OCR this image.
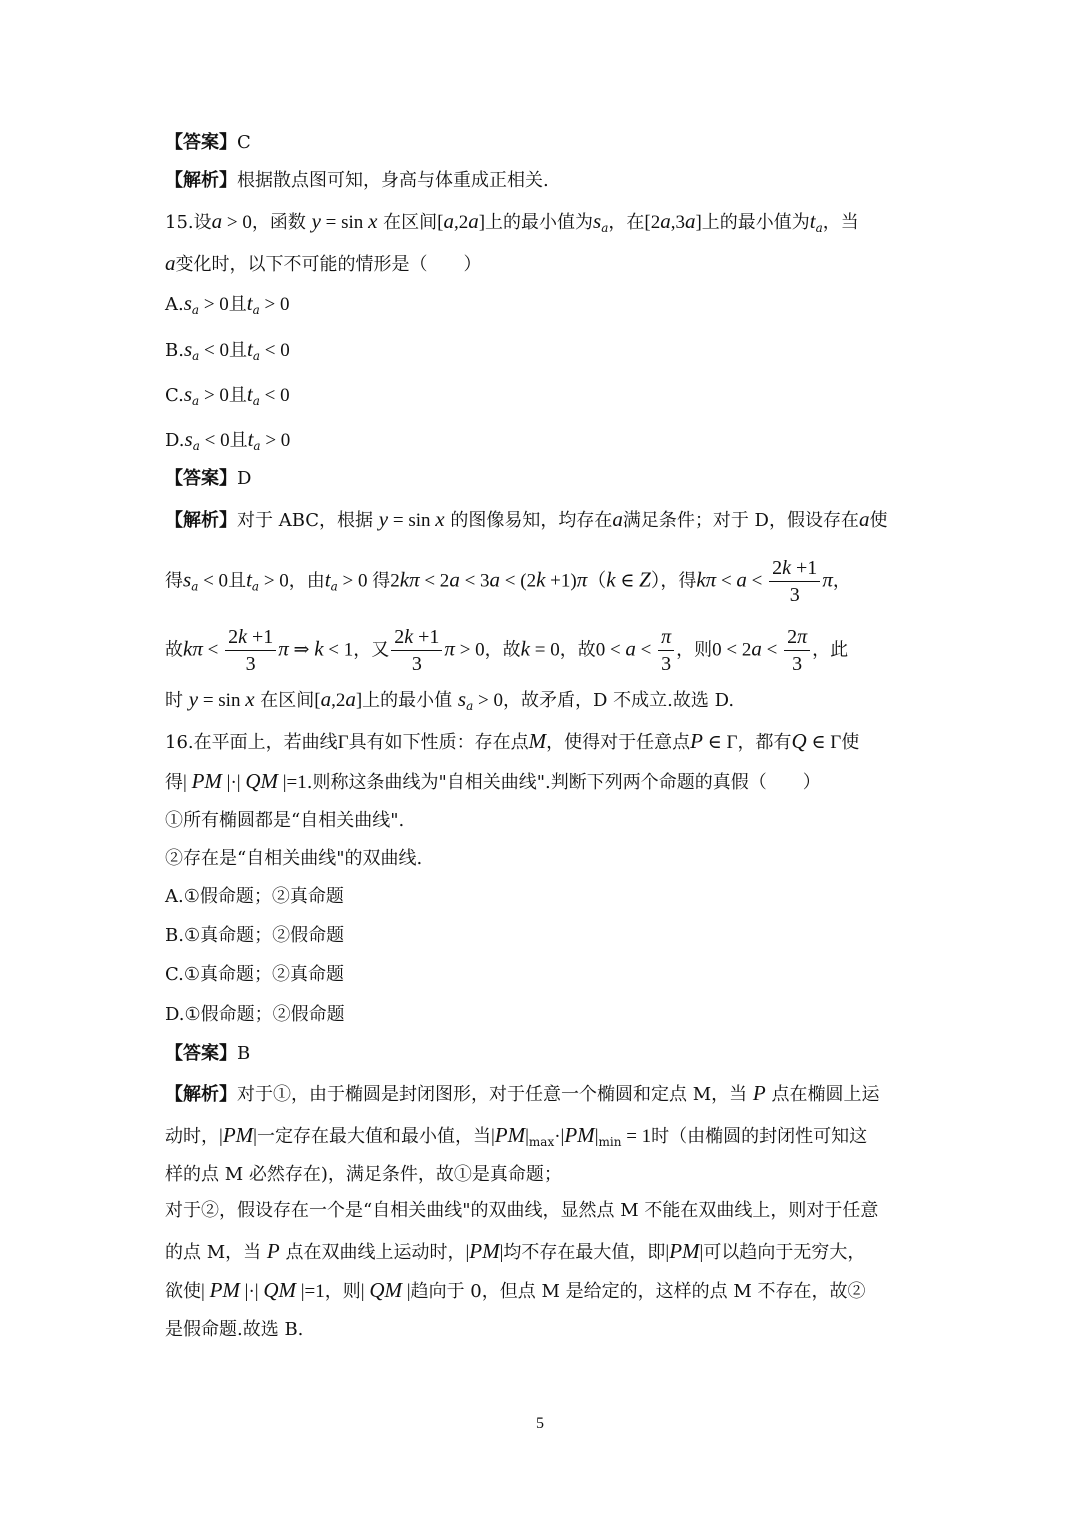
【答案】C
【解析】根据散点图可知，身高与体重成正相关.
15.设a > 0，函数 y = sin x 在区间[a,2a]上的最小值为$s_a$，在[2a,3a]上的最小值为$t_a$，当
a变化时，以下不可能的情形是（　　）
$A.s_a > 0$且$t_a > 0$
$B.s_a < 0$且$t_a < 0$
$C.s_a > 0$且$t_a < 0$
$D.s_a < 0$且$t_a > 0$
【答案】D
【解析】对于 ABC，根据 y = sin x 的图像易知，均存在a满足条件；对于 D，假设存在a使
得$s_a < 0$且$t_a > 0$，由$t_a > 0$ 得2kπ < 2a < 3a < (2k +1)π（k ∈ Z），得$k\pi < a < \frac{2k +1}{3}$ π，
故$k\pi < \frac{2k +1}{3}$ π ⇒ k < 1，又 $\frac{2k +1}{3}$ π > 0，故k = 0，故$0 < a < \frac{\pi}{3}$ ，则$0 < 2a < \frac{2\pi}{3}$ ，此
时 y = sin x 在区间[a,2a]上的最小值 $s_a > 0$，故矛盾，D 不成立.故选 D.
16.在平面上，若曲线Γ具有如下性质：存在点M，使得对于任意点P ∈ Γ，都有Q ∈ Γ使
得| PM |·| QM |=1.则称这条曲线为"自相关曲线".判断下列两个命题的真假（　　）
①所有椭圆都是“自相关曲线".
②存在是“自相关曲线"的双曲线.
A.①假命题；②真命题
B.①真命题；②假命题
C.①真命题；②真命题
D.①假命题；②假命题
【答案】B
【解析】对于①，由于椭圆是封闭图形，对于任意一个椭圆和定点 M，当 P 点在椭圆上运
动时，|PM|一定存在最大值和最小值，当$|PM|_{max}\cdot|PM|_{min} = 1$时（由椭圆的封闭性可知这
样的点 M 必然存在)，满足条件，故①是真命题；
对于②，假设存在一个是“自相关曲线"的双曲线，显然点 M 不能在双曲线上，则对于任意
的点 M，当 P 点在双曲线上运动时，|PM|均不存在最大值，即|PM|可以趋向于无穷大，
欲使| PM |·| QM |=1，则| QM |趋向于 0，但点 M 是给定的，这样的点 M 不存在，故②
是假命题.故选 B.
5
